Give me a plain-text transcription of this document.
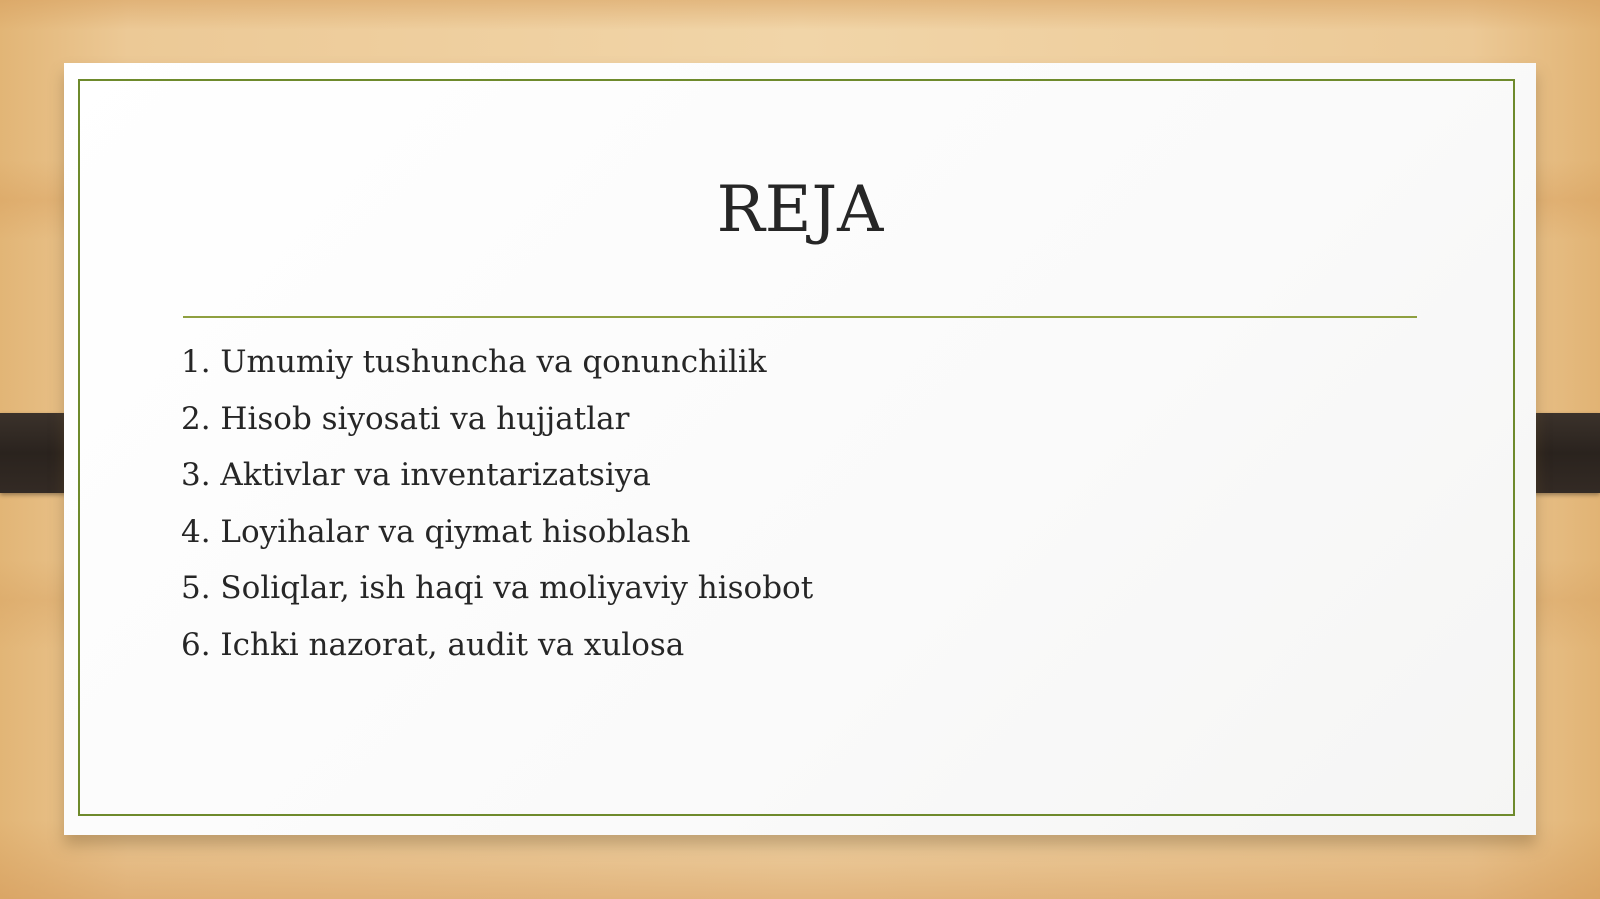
REJA
1. Umumiy tushuncha va qonunchilik
2. Hisob siyosati va hujjatlar
3. Aktivlar va inventarizatsiya
4. Loyihalar va qiymat hisoblash
5. Soliqlar, ish haqi va moliyaviy hisobot
6. Ichki nazorat, audit va xulosa
